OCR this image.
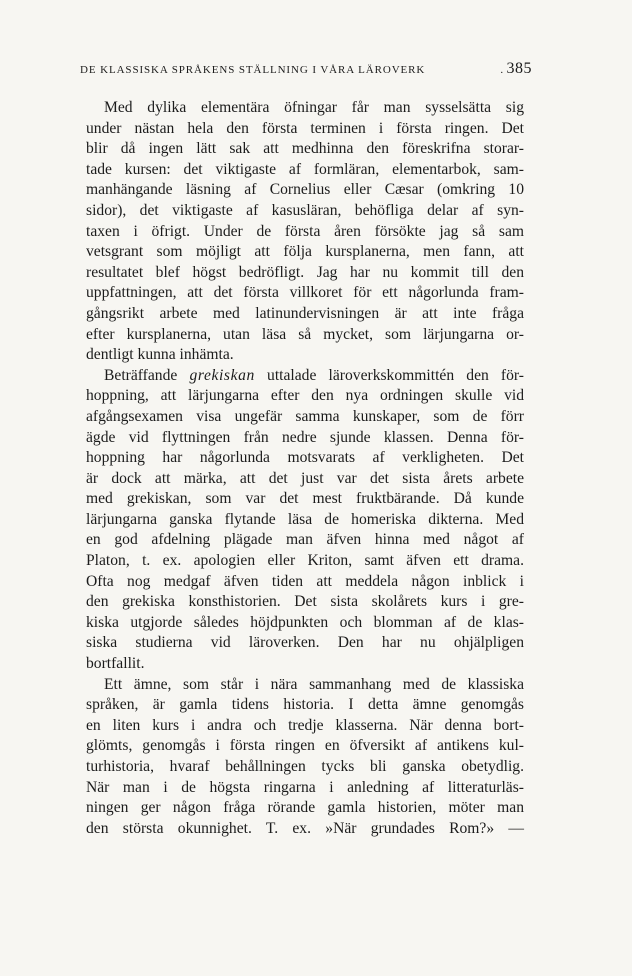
DE KLASSISKA SPRÅKENS STÄLLNING I VÅRA LÄROVERK	. 385
Med dylika elementära öfningar får man sysselsätta sig
under nästan hela den första terminen i första ringen. Det
blir då ingen lätt sak att medhinna den föreskrifna storar-
tade kursen: det viktigaste af formläran, elementarbok, sam-
manhängande läsning af Cornelius eller Cæsar (omkring 10
sidor), det viktigaste af kasusläran, behöfliga delar af syn-
taxen i öfrigt. Under de första åren försökte jag så sam
vetsgrant som möjligt att följa kursplanerna, men fann, att
resultatet blef högst bedröfligt. Jag har nu kommit till den
uppfattningen, att det första villkoret för ett någorlunda fram-
gångsrikt arbete med latinundervisningen är att inte fråga
efter kursplanerna, utan läsa så mycket, som lärjungarna or-
dentligt kunna inhämta.
Beträffande grekiskan uttalade läroverkskommittén den för-
hoppning, att lärjungarna efter den nya ordningen skulle vid
afgångsexamen visa ungefär samma kunskaper, som de förr
ägde vid flyttningen från nedre sjunde klassen. Denna för-
hoppning har någorlunda motsvarats af verkligheten. Det
är dock att märka, att det just var det sista årets arbete
med grekiskan, som var det mest fruktbärande. Då kunde
lärjungarna ganska flytande läsa de homeriska dikterna. Med
en god afdelning plägade man äfven hinna med något af
Platon, t. ex. apologien eller Kriton, samt äfven ett drama.
Ofta nog medgaf äfven tiden att meddela någon inblick i
den grekiska konsthistorien. Det sista skolårets kurs i gre-
kiska utgjorde således höjdpunkten och blomman af de klas-
siska studierna vid läroverken. Den har nu ohjälpligen
bortfallit.
Ett ämne, som står i nära sammanhang med de klassiska
språken, är gamla tidens historia. I detta ämne genomgås
en liten kurs i andra och tredje klasserna. När denna bort-
glömts, genomgås i första ringen en öfversikt af antikens kul-
turhistoria, hvaraf behållningen tycks bli ganska obetydlig.
När man i de högsta ringarna i anledning af litteraturläs-
ningen ger någon fråga rörande gamla historien, möter man
den största okunnighet. T. ex. »När grundades Rom?» —
